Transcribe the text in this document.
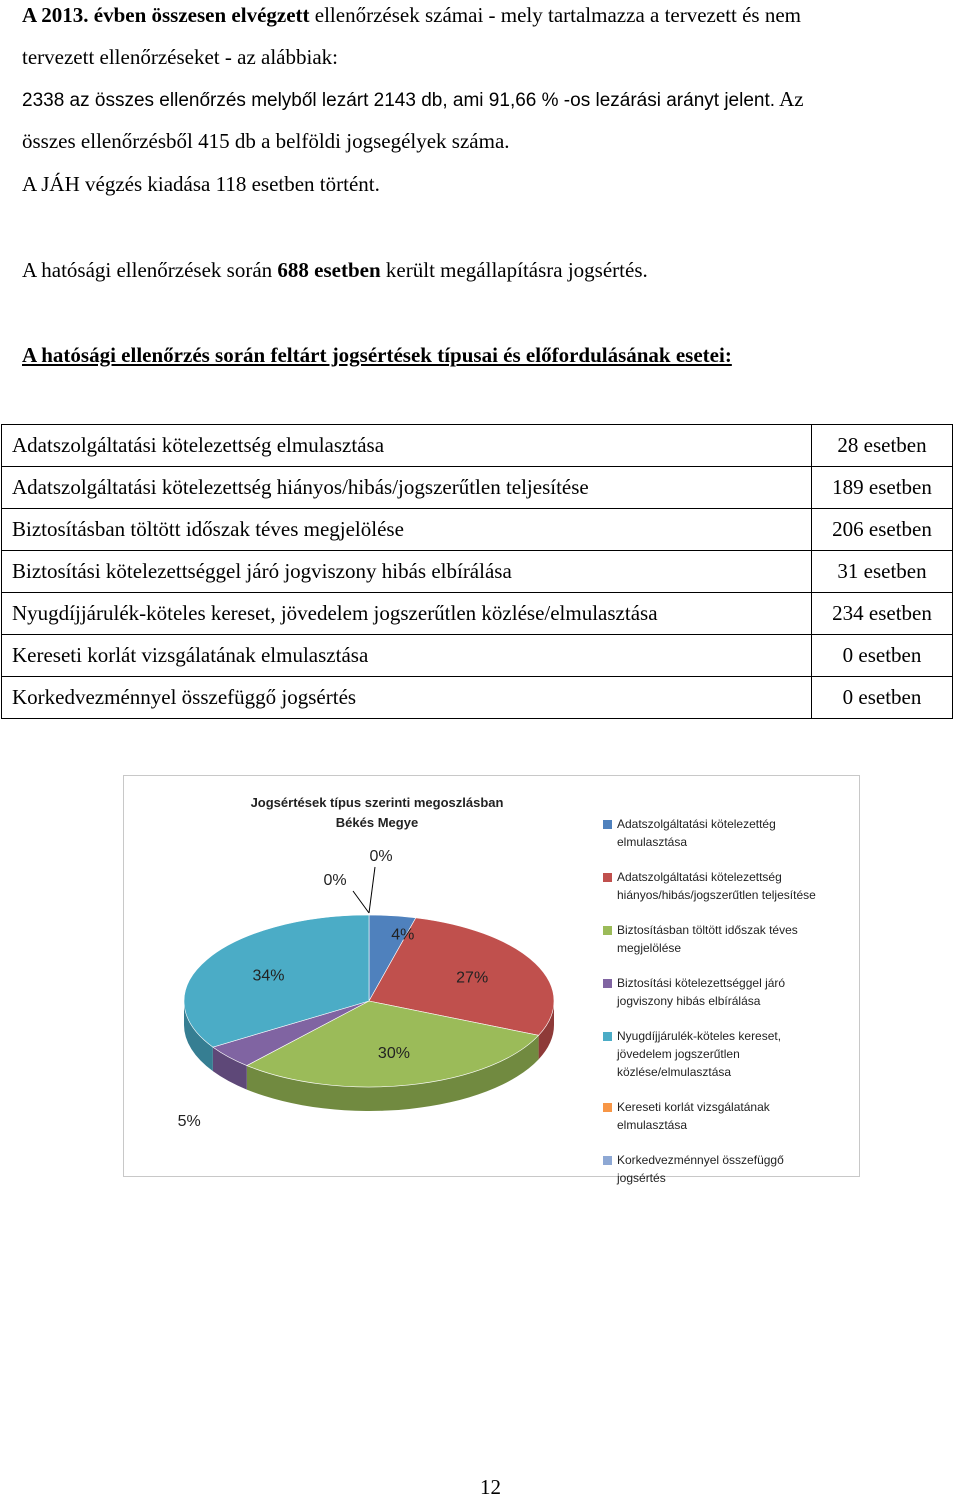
A 2013. évben összesen elvégzett ellenőrzések számai - mely tartalmazza a tervezett és nem
tervezett ellenőrzéseket - az alábbiak:
2338 az összes ellenőrzés melyből lezárt 2143 db, ami 91,66 % -os lezárási arányt jelent. Az
összes ellenőrzésből 415 db a belföldi jogsegélyek száma.
A JÁH végzés kiadása 118 esetben történt.
A hatósági ellenőrzések során 688 esetben került megállapításra jogsértés.
A hatósági ellenőrzés során feltárt jogsértések típusai és előfordulásának esetei:
Adatszolgáltatási kötelezettség elmulasztása	28 esetben
Adatszolgáltatási kötelezettség hiányos/hibás/jogszerűtlen teljesítése	189 esetben
Biztosításban töltött időszak téves megjelölése	206 esetben
Biztosítási kötelezettséggel járó jogviszony hibás elbírálása	31 esetben
Nyugdíjjárulék-köteles kereset, jövedelem jogszerűtlen közlése/elmulasztása	234 esetben
Kereseti korlát vizsgálatának elmulasztása	0 esetben
Korkedvezménnyel összefüggő jogsértés	0 esetben
Jogsértések típus szerinti megoszlásban
Békés Megye
4%
27%
30%
5%
34%
0%
0%
Adatszolgáltatási kötelezettég
elmulasztása
Adatszolgáltatási kötelezettség
hiányos/hibás/jogszerűtlen teljesítése
Biztosításban töltött időszak téves
megjelölése
Biztosítási kötelezettséggel járó
jogviszony hibás elbírálása
Nyugdíjjárulék-köteles kereset,
jövedelem jogszerűtlen
közlése/elmulasztása
Kereseti korlát vizsgálatának
elmulasztása
Korkedvezménnyel összefüggő
jogsértés
12
